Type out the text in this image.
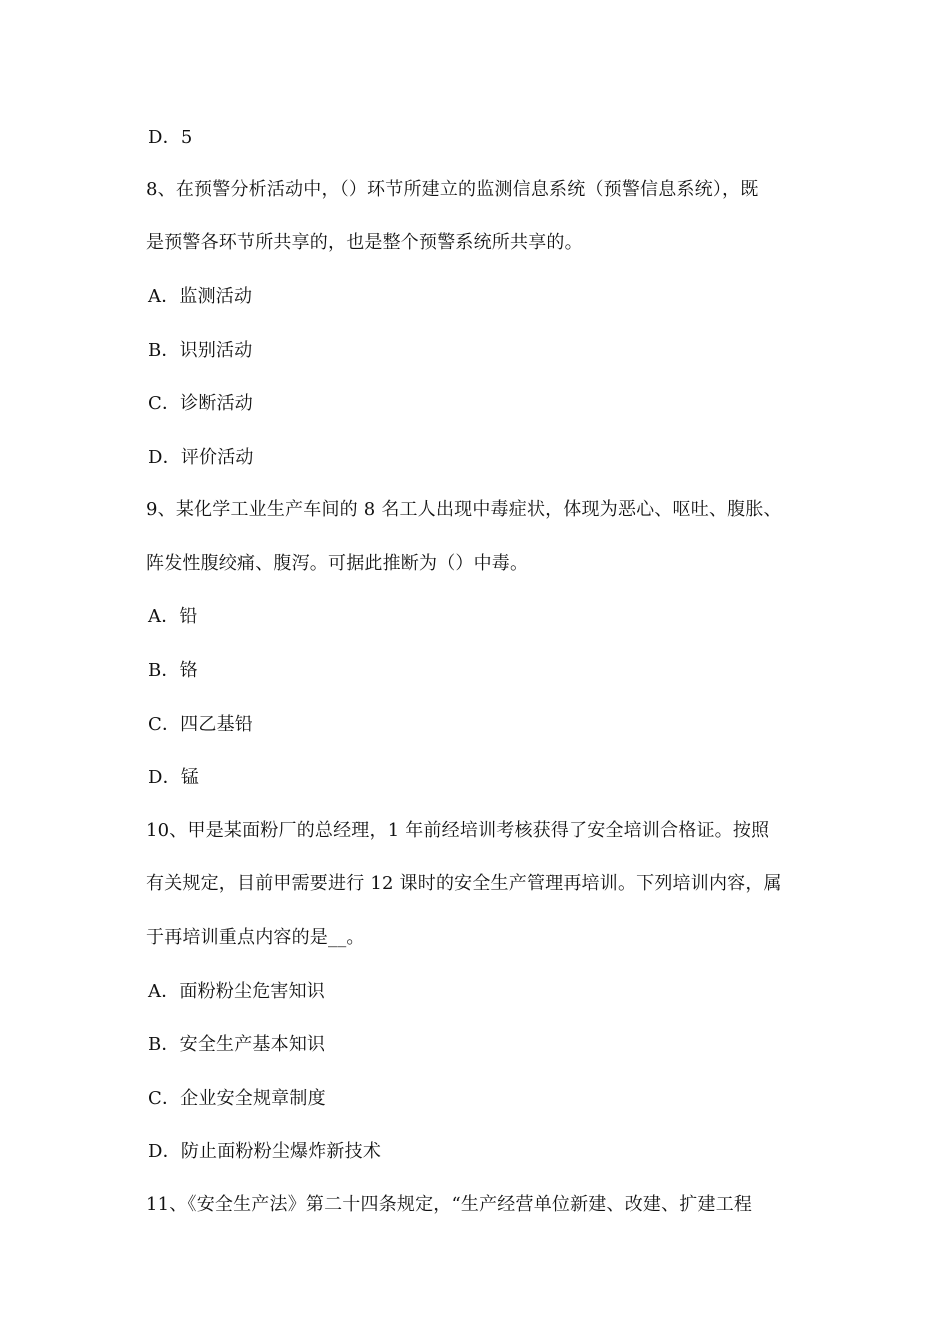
D．5
8、在预警分析活动中，（）环节所建立的监测信息系统（预警信息系统），既
是预警各环节所共享的，也是整个预警系统所共享的。
A．监测活动
B．识别活动
C．诊断活动
D．评价活动
9、某化学工业生产车间的 8 名工人出现中毒症状，体现为恶心、呕吐、腹胀、
阵发性腹绞痛、腹泻。可据此推断为（）中毒。
A．铅
B．铬
C．四乙基铅
D．锰
10、甲是某面粉厂的总经理，1 年前经培训考核获得了安全培训合格证。按照
有关规定，目前甲需要进行 12 课时的安全生产管理再培训。下列培训内容，属
于再培训重点内容的是__。
A．面粉粉尘危害知识
B．安全生产基本知识
C．企业安全规章制度
D．防止面粉粉尘爆炸新技术
11、《安全生产法》第二十四条规定，“生产经营单位新建、改建、扩建工程
